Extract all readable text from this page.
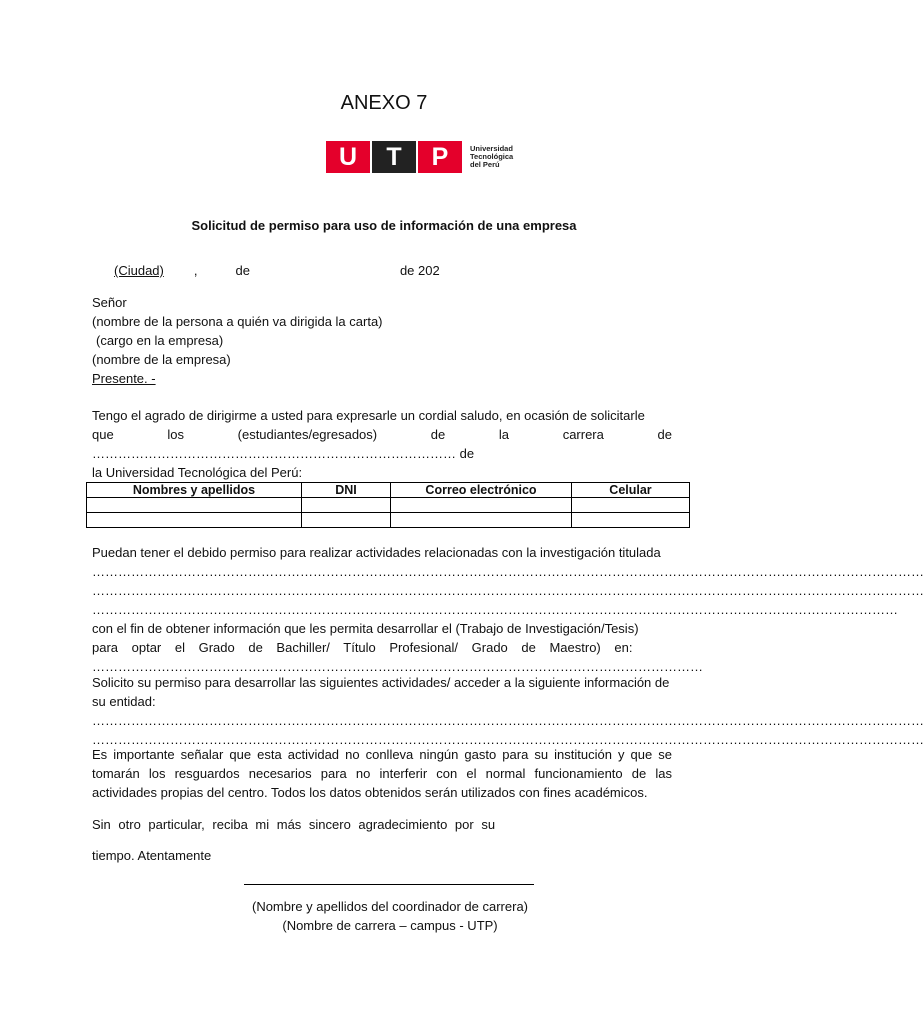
ANEXO 7
U	T	P	Universidad
Tecnológica
del Perú
Solicitud de permiso para uso de información de una empresa
(Ciudad) ,	de	de 202
Señor
(nombre de la persona a quién va dirigida la carta)
(cargo en la empresa)
(nombre de la empresa)
Presente. -
Tengo el agrado de dirigirme a usted para expresarle un cordial saludo, en ocasión de solicitarle
que los (estudiantes/egresados) de la carrera de ………………………………………………………………………… de
la Universidad Tecnológica del Perú:
Nombres y apellidos	DNI	Correo electrónico	Celular

Puedan tener el debido permiso para realizar actividades relacionadas con la investigación titulada
…………………………………………………………………………………………………………………………………………………………………………
…………………………………………………………………………………………………………………………………………………………………………
……………………………………………………………………………………………………………………………………………………………………
con el fin de obtener información que les permita desarrollar el (Trabajo de Investigación/Tesis)
para optar el Grado de Bachiller/ Título Profesional/ Grado de Maestro) en:
……………………………………………………………………………………………………………………………
Solicito su permiso para desarrollar las siguientes actividades/ acceder a la siguiente información de
su entidad:
…………………………………………………………………………………………………………………………………………………………………………
…………………………………………………………………………………………………………………………………………………………………………
Es importante señalar que esta actividad no conlleva ningún gasto para su institución y que se tomarán los resguardos necesarios para no interferir con el normal funcionamiento de las actividades propias del centro. Todos los datos obtenidos serán utilizados con fines académicos.
Sin otro particular, reciba mi más sincero agradecimiento por su
tiempo. Atentamente
(Nombre y apellidos del coordinador de carrera)
(Nombre de carrera – campus - UTP)
